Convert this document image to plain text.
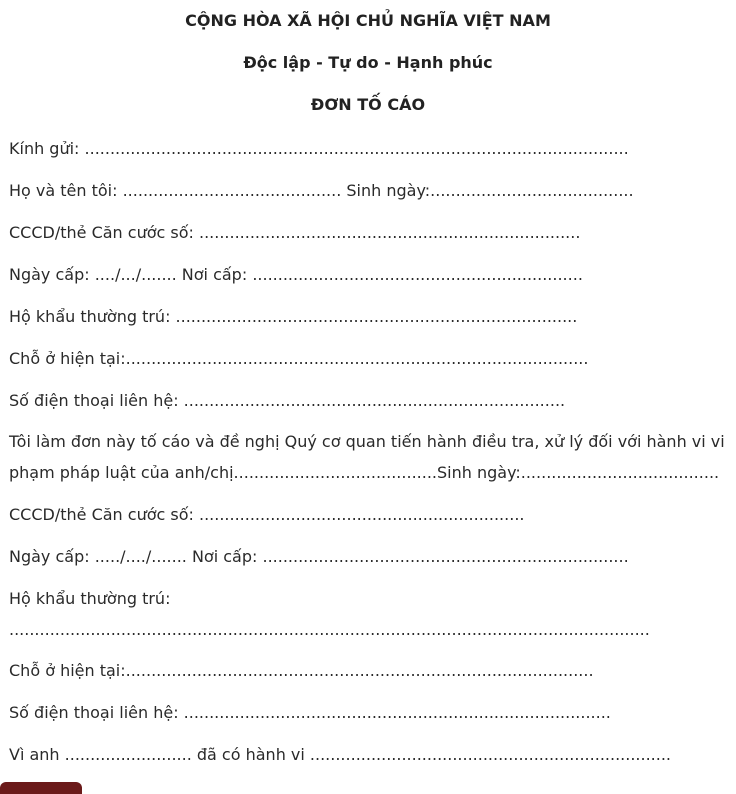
CỘNG HÒA XÃ HỘI CHỦ NGHĨA VIỆT NAM
Độc lập - Tự do - Hạnh phúc
ĐƠN TỐ CÁO
Kính gửi: ...........................................................................................................
Họ và tên tôi: ........................................... Sinh ngày:........................................
CCCD/thẻ Căn cước số: ...........................................................................
Ngày cấp: ..../.../....... Nơi cấp: .................................................................
Hộ khẩu thường trú: ...............................................................................
Chỗ ở hiện tại:...........................................................................................
Số điện thoại liên hệ: ...........................................................................
Tôi làm đơn này tố cáo và đề nghị Quý cơ quan tiến hành điều tra, xử lý đối với hành vi vi
phạm pháp luật của anh/chị........................................Sinh ngày:.......................................
CCCD/thẻ Căn cước số: ................................................................
Ngày cấp: ...../..../....... Nơi cấp: ........................................................................
Hộ khẩu thường trú:
..............................................................................................................................
Chỗ ở hiện tại:............................................................................................
Số điện thoại liên hệ: ....................................................................................
Vì anh ......................... đã có hành vi .......................................................................
